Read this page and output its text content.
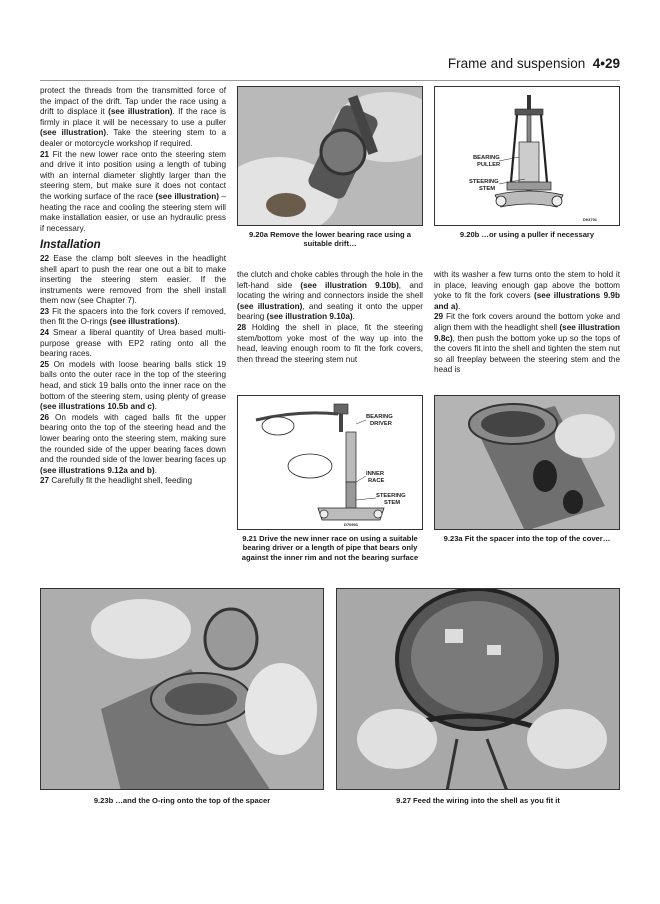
Frame and suspension 4•29

protect the threads from the transmitted force of the impact of the drift. Tap under the race using a drift to displace it (see illustration). If the race is firmly in place it will be necessary to use a puller (see illustration). Take the steering stem to a dealer or motorcycle workshop if required.

21 Fit the new lower race onto the steering stem and drive it into position using a length of tubing with an internal diameter slightly larger than the steering stem, but make sure it does not contact the working surface of the race (see illustration) – heating the race and cooling the steering stem will make installation easier, or use an hydraulic press if necessary.

Installation

22 Ease the clamp bolt sleeves in the headlight shell apart to push the rear one out a bit to make inserting the steering stem easier. If the instruments were removed from the shell install them now (see Chapter 7).

23 Fit the spacers into the fork covers if removed, then fit the O-rings (see illustrations).

24 Smear a liberal quantity of Urea based multi-purpose grease with EP2 rating onto all the bearing races.

25 On models with loose bearing balls stick 19 balls onto the outer race in the top of the steering head, and stick 19 balls onto the inner race on the bottom of the steering stem, using plenty of grease (see illustrations 10.5b and c).

26 On models with caged balls fit the upper bearing onto the top of the steering head and the lower bearing onto the steering stem, making sure the rounded side of the upper bearing faces down and the rounded side of the lower bearing faces up (see illustrations 9.12a and b).

27 Carefully fit the headlight shell, feeding

the clutch and choke cables through the hole in the left-hand side (see illustration 9.10b), and locating the wiring and connectors inside the shell (see illustration), and seating it onto the upper bearing (see illustration 9.10a).

28 Holding the shell in place, fit the steering stem/bottom yoke most of the way up into the head, leaving enough room to fit the fork covers, then thread the steering stem nut

with its washer a few turns onto the stem to hold it in place, leaving enough gap above the bottom yoke to fit the fork covers (see illustrations 9.9b and a).

29 Fit the fork covers around the bottom yoke and align them with the headlight shell (see illustration 9.8c), then push the bottom yoke up so the tops of the covers fit into the shell and tighten the stem nut so all freeplay between the steering stem and the head is

9.20a Remove the lower bearing race using a suitable drift…
BEARING
PULLER
STEERING
STEM
D03701
9.20b …or using a puller if necessary
BEARING
DRIVER
INNER
RACE
STEERING
STEM
D70901
9.21 Drive the new inner race on using a suitable bearing driver or a length of pipe that bears only against the inner rim and not the bearing surface
9.23a Fit the spacer into the top of the cover…
9.23b …and the O-ring onto the top of the spacer	9.27 Feed the wiring into the shell as you fit it
